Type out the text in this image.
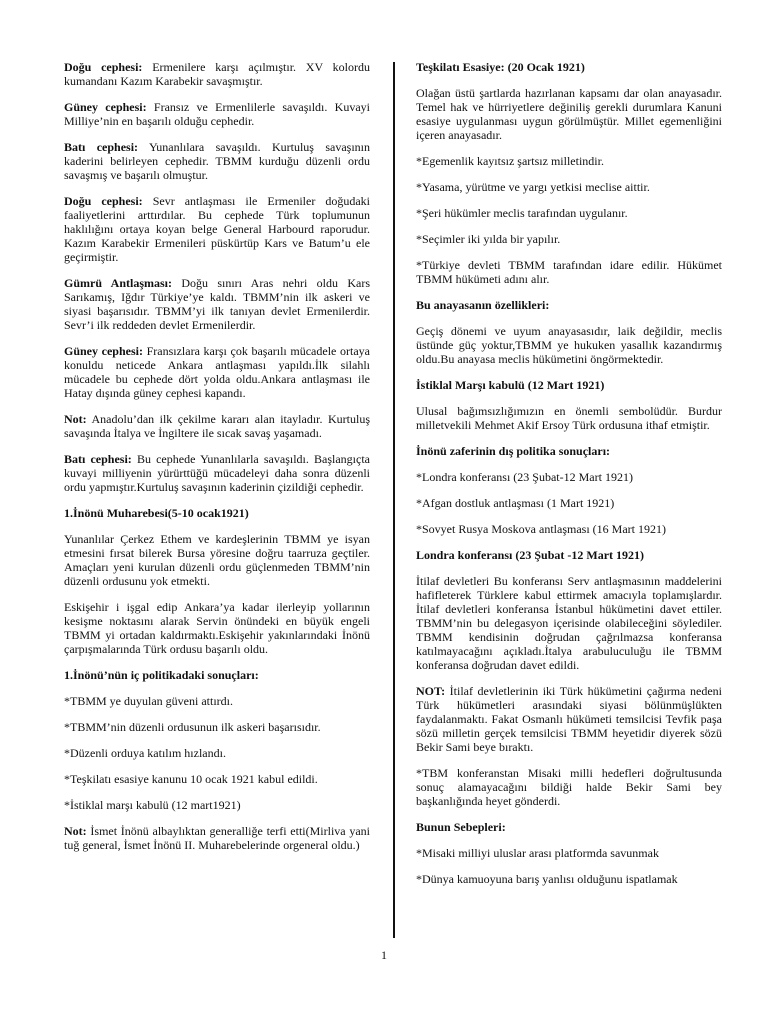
Doğu cephesi: Ermenilere karşı açılmıştır. XV kolordu kumandanı Kazım Karabekir savaşmıştır.

Güney cephesi: Fransız ve Ermenlilerle savaşıldı. Kuvayi Milliye’nin en başarılı olduğu cephedir.

Batı cephesi: Yunanlılara savaşıldı. Kurtuluş savaşının kaderini belirleyen cephedir. TBMM kurduğu düzenli ordu savaşmış ve başarılı olmuştur.

Doğu cephesi: Sevr antlaşması ile Ermeniler doğudaki faaliyetlerini arttırdılar. Bu cephede Türk toplumunun haklılığını ortaya koyan belge General Harbourd raporudur. Kazım Karabekir Ermenileri püskürtüp Kars ve Batum’u ele geçirmiştir.

Gümrü Antlaşması: Doğu sınırı Aras nehri oldu Kars Sarıkamış, Iğdır Türkiye’ye kaldı. TBMM’nin ilk askeri ve siyasi başarısıdır. TBMM’yi ilk tanıyan devlet Ermenilerdir. Sevr’i ilk reddeden devlet Ermenilerdir.

Güney cephesi: Fransızlara karşı çok başarılı mücadele ortaya konuldu neticede Ankara antlaşması yapıldı.İlk silahlı mücadele bu cephede dört yolda oldu.Ankara antlaşması ile Hatay dışında güney cephesi kapandı.

Not: Anadolu’dan ilk çekilme kararı alan itayladır. Kurtuluş savaşında İtalya ve İngiltere ile sıcak savaş yaşamadı.

Batı cephesi: Bu cephede Yunanlılarla savaşıldı. Başlangıçta kuvayi milliyenin yürürttüğü mücadeleyi daha sonra düzenli ordu yapmıştır.Kurtuluş savaşının kaderinin çizildiği cephedir.

1.İnönü Muharebesi(5-10 ocak1921)

Yunanlılar Çerkez Ethem ve kardeşlerinin TBMM ye isyan etmesini fırsat bilerek Bursa yöresine doğru taarruza geçtiler. Amaçları yeni kurulan düzenli ordu güçlenmeden TBMM’nin düzenli ordusunu yok etmekti.

Eskişehir i işgal edip Ankara’ya kadar ilerleyip yollarının kesişme noktasını alarak Servin önündeki en büyük engeli TBMM yi ortadan kaldırmaktı.Eskişehir yakınlarındaki İnönü çarpışmalarında Türk ordusu başarılı oldu.

1.İnönü’nün iç politikadaki sonuçları:

*TBMM ye duyulan güveni attırdı.

*TBMM’nin düzenli ordusunun ilk askeri başarısıdır.

*Düzenli orduya katılım hızlandı.

*Teşkilatı esasiye kanunu 10 ocak 1921 kabul edildi.

*İstiklal marşı kabulü (12 mart1921)

Not: İsmet İnönü albaylıktan generalliğe terfi etti(Mirliva yani tuğ general, İsmet İnönü II. Muharebelerinde orgeneral oldu.)

Teşkilatı Esasiye: (20 Ocak 1921)

Olağan üstü şartlarda hazırlanan kapsamı dar olan anayasadır. Temel hak ve hürriyetlere değiniliş gerekli durumlara Kanuni esasiye uygulanması uygun görülmüştür. Millet egemenliğini içeren anayasadır.

*Egemenlik kayıtsız şartsız milletindir.

*Yasama, yürütme ve yargı yetkisi meclise aittir.

*Şeri hükümler meclis tarafından uygulanır.

*Seçimler iki yılda bir yapılır.

*Türkiye devleti TBMM tarafından idare edilir. Hükümet TBMM hükümeti adını alır.

Bu anayasanın özellikleri:

Geçiş dönemi ve uyum anayasasıdır, laik değildir, meclis üstünde güç yoktur,TBMM ye hukuken yasallık kazandırmış oldu.Bu anayasa meclis hükümetini öngörmektedir.

İstiklal Marşı kabulü (12 Mart 1921)

Ulusal bağımsızlığımızın en önemli sembolüdür. Burdur milletvekili Mehmet Akif Ersoy Türk ordusuna ithaf etmiştir.

İnönü zaferinin dış politika sonuçları:

*Londra konferansı (23 Şubat-12 Mart 1921)

*Afgan dostluk antlaşması (1 Mart 1921)

*Sovyet Rusya Moskova antlaşması (16 Mart 1921)

Londra konferansı (23 Şubat -12 Mart 1921)

İtilaf devletleri Bu konferansı Serv antlaşmasının maddelerini hafifleterek Türklere kabul ettirmek amacıyla toplamışlardır. İtilaf devletleri konferansa İstanbul hükümetini davet ettiler. TBMM’nin bu delegasyon içerisinde olabileceğini söylediler. TBMM kendisinin doğrudan çağrılmazsa konferansa katılmayacağını açıkladı.İtalya arabuluculuğu ile TBMM konferansa doğrudan davet edildi.

NOT: İtilaf devletlerinin iki Türk hükümetini çağırma nedeni Türk hükümetleri arasındaki siyasi bölünmüşlükten faydalanmaktı. Fakat Osmanlı hükümeti temsilcisi Tevfik paşa sözü milletin gerçek temsilcisi TBMM heyetidir diyerek sözü Bekir Sami beye bıraktı.

*TBM konferanstan Misaki milli hedefleri doğrultusunda sonuç alamayacağını bildiği halde Bekir Sami bey başkanlığında heyet gönderdi.

Bunun Sebepleri:

*Misaki milliyi uluslar arası platformda savunmak

*Dünya kamuoyuna barış yanlısı olduğunu ispatlamak

1
